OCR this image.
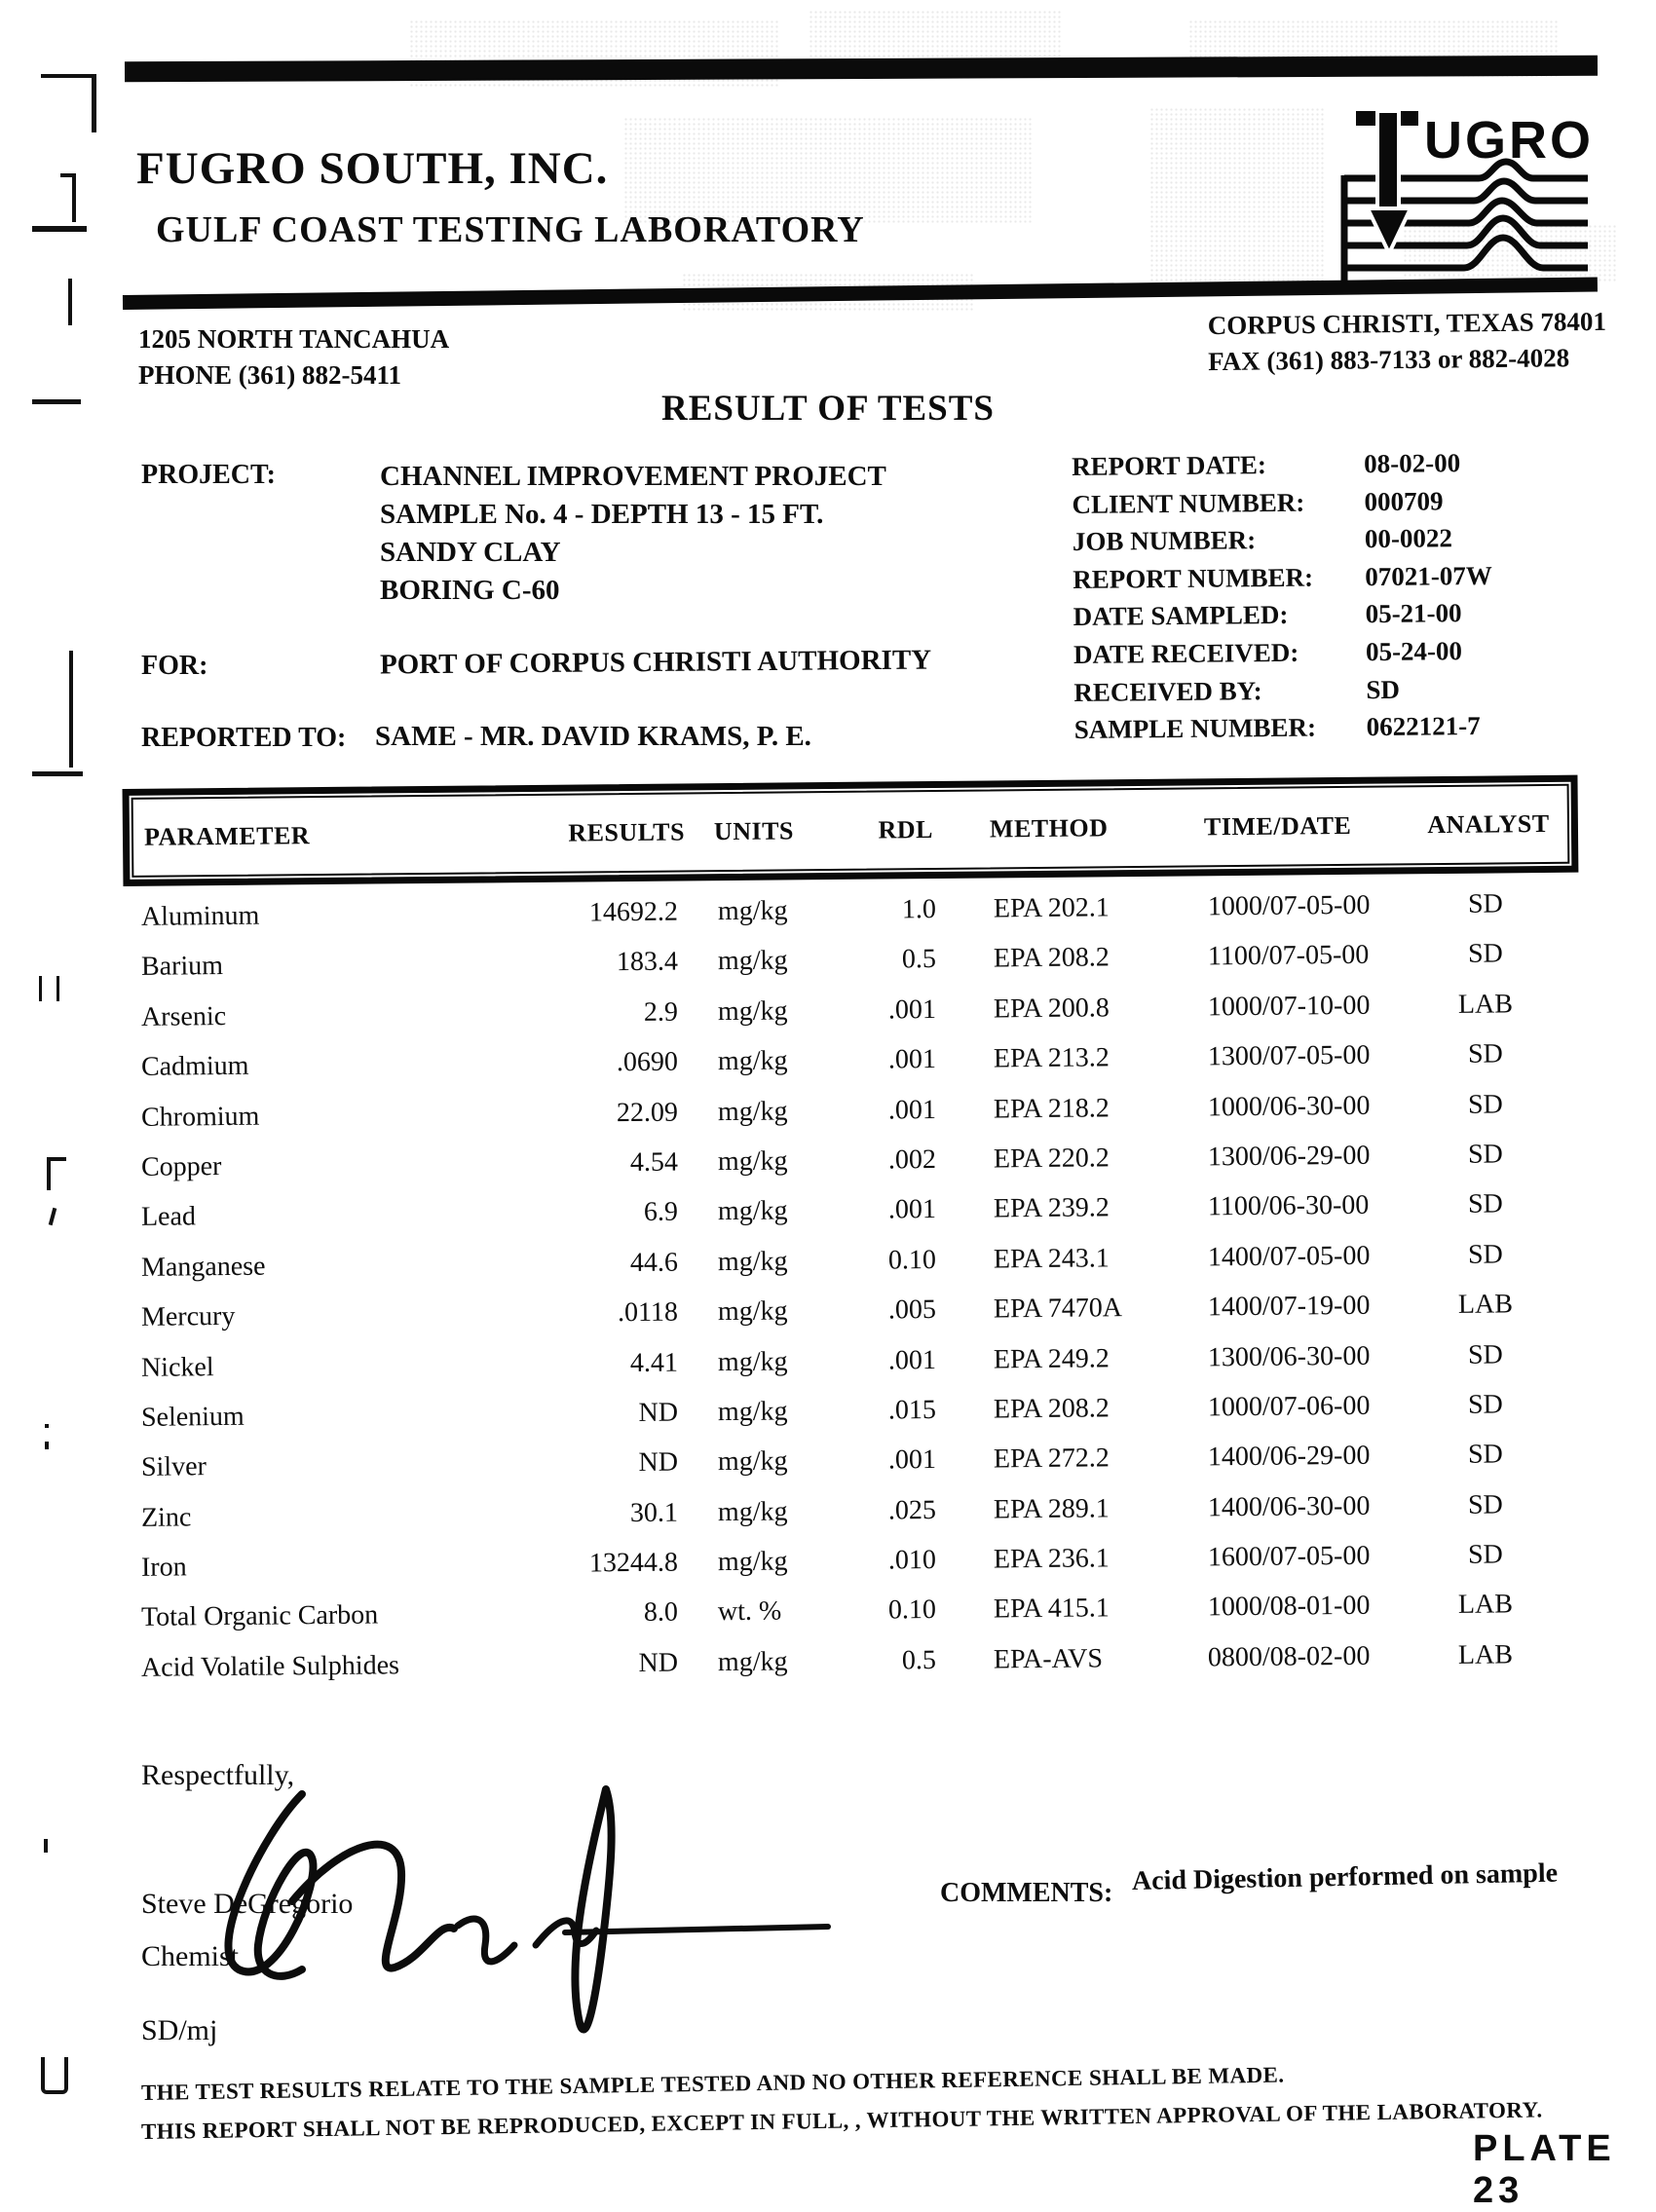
FUGRO SOUTH, INC.
GULF COAST TESTING LABORATORY
UGRO
1205 NORTH TANCAHUA
PHONE (361) 882-5411
CORPUS CHRISTI, TEXAS 78401
FAX (361) 883-7133 or 882-4028
RESULT OF TESTS
PROJECT:	CHANNEL IMPROVEMENT PROJECT
SAMPLE No. 4 - DEPTH 13 - 15 FT.
SANDY CLAY
BORING C-60
FOR:	PORT OF CORPUS CHRISTI AUTHORITY
REPORTED TO: SAME - MR. DAVID KRAMS, P. E.
REPORT DATE:	08-02-00
CLIENT NUMBER:	000709
JOB NUMBER:	00-0022
REPORT NUMBER:	07021-07W
DATE SAMPLED:	05-21-00
DATE RECEIVED:	05-24-00
RECEIVED BY:	SD
SAMPLE NUMBER:	0622121-7
PARAMETER	RESULTS	UNITS	RDL	METHOD	TIME/DATE	ANALYST
Aluminum	14692.2	mg/kg	1.0	EPA 202.1	1000/07-05-00	SD
Barium	183.4	mg/kg	0.5	EPA 208.2	1100/07-05-00	SD
Arsenic	2.9	mg/kg	.001	EPA 200.8	1000/07-10-00	LAB
Cadmium	.0690	mg/kg	.001	EPA 213.2	1300/07-05-00	SD
Chromium	22.09	mg/kg	.001	EPA 218.2	1000/06-30-00	SD
Copper	4.54	mg/kg	.002	EPA 220.2	1300/06-29-00	SD
Lead	6.9	mg/kg	.001	EPA 239.2	1100/06-30-00	SD
Manganese	44.6	mg/kg	0.10	EPA 243.1	1400/07-05-00	SD
Mercury	.0118	mg/kg	.005	EPA 7470A	1400/07-19-00	LAB
Nickel	4.41	mg/kg	.001	EPA 249.2	1300/06-30-00	SD
Selenium	ND	mg/kg	.015	EPA 208.2	1000/07-06-00	SD
Silver	ND	mg/kg	.001	EPA 272.2	1400/06-29-00	SD
Zinc	30.1	mg/kg	.025	EPA 289.1	1400/06-30-00	SD
Iron	13244.8	mg/kg	.010	EPA 236.1	1600/07-05-00	SD
Total Organic Carbon	8.0	wt. %	0.10	EPA 415.1	1000/08-01-00	LAB
Acid Volatile Sulphides	ND	mg/kg	0.5	EPA-AVS	0800/08-02-00	LAB
Respectfully,
Steve DeGregorio
Chemist
SD/mj
COMMENTS: Acid Digestion performed on sample
THE TEST RESULTS RELATE TO THE SAMPLE TESTED AND NO OTHER REFERENCE SHALL BE MADE.
THIS REPORT SHALL NOT BE REPRODUCED, EXCEPT IN FULL, , WITHOUT THE WRITTEN APPROVAL OF THE LABORATORY.
PLATE 23
